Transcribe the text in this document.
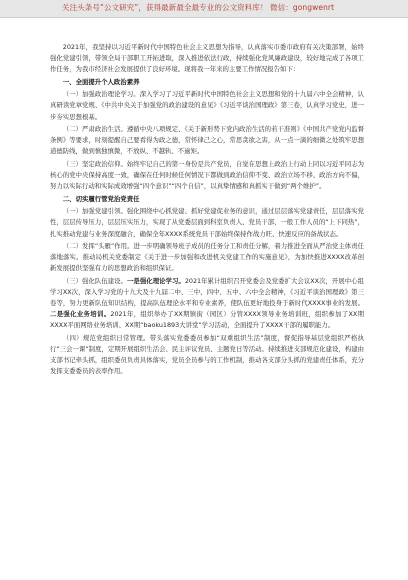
关注头条号“公文研究”，获得最新最全最专业的公文资料库！ 微信：gongwenrt

2021年，我坚持以习近平新时代中国特色社会主义思想为指导，认真落实市委市政府有关决策部署，始终强化党建引领，带领全局干部职工开拓进取，深入推进依法行政，持续强化党风廉政建设，较好地完成了各项工作任务，为我市经济社会发展提供了良好环境。现将我一年来的主要工作情况报告如下：

一、全面提升个人政治素养

（一）加强政治理论学习。深入学习了习近平新时代中国特色社会主义思想和党的十九届六中全会精神，认真研读党章党规、《中共中央关于加强党的政治建设的意见》《习近平谈治国理政》第三卷，认真学习党史，进一步夯实思想根基。

（二）严肃政治生活。遵循中央八项规定、《关于新形势下党内政治生活的若干准则》《中国共产党党内监督条例》等要求，时刻提醒自己要看得为政之德，常怀律己之心，常思贪欲之害，从一点一滴的细微之处筑牢思想道德防线，做到慎独慎微，不放纵、不越轨、不逾矩。

（三）坚定政治信仰。始终牢记自己的第一身份是共产党员，自觉在思想上政治上行动上同以习近平同志为核心的党中央保持高度一致，确保在任何时候任何情况下都做到政治信仰不变、政治立场不移、政治方向不偏，努力以实际行动和实际成效增强“四个意识”“四个自信”，以真挚情感和真抓实干做到“两个维护”。

二、切实履行管党治党责任

（一）加强党建引领。强化围绕中心抓党建、抓好党建促业务的意识，通过层层落实党建责任，层层落实党性，层层传导压力，层层压实压力，实现了从党委层面到科室负责人、党员干部、一般工作人员的“上下同热”，扎实推动党建与业务深度融合，确保全年XXXX系统党员干部始终保持作战力旺、快速反应的备战状态。

（二）发挥“头雁”作用。进一步明确领导班子成员的任务分工和责任分解，着力推进全面从严治党主体责任落地落实。推动局机关党委制定《关于进一步加强和改进机关党建工作的实施意见》，为加快推进XXXX改革创新发展提供坚强有力的思想政治和组织保证。

（三）强化队伍建设。一是强化理论学习。2021年累计组织召开党委会及党委扩大会议XX次，开展中心组学习XX次，深入学习党的十九大及十九届二中、三中、四中、五中、六中全会精神，《习近平谈治国理政》第三卷等，努力更新队伍知识结构，提高队伍理论水平和专业素养，使队伍更好地投身于新时代XXXX事业的发展。二是强化业务培训。2021年，组织举办了XX期镇街（园区）分管XXXX领导业务培训班，组织参加了XX期XXXX平面网络业务培训、XX期“baoku1893大讲堂”学习活动，全面提升了XXXX干部的履职能力。

（四）规范党组织日常管理。带头落实党委委员参加“双重组织生活”制度，督促指导基层党组织严格执行“三会一课”制度，定期开展组织生活会、民主评议党员、主题党日等活动。持续推进支部规范化建设，构建由支部书记牵头抓，组织委员负责具体落实，党员全员参与的工作机制，推动各支部分头抓的党建责任体系，充分发挥支委委员的表率作用。
